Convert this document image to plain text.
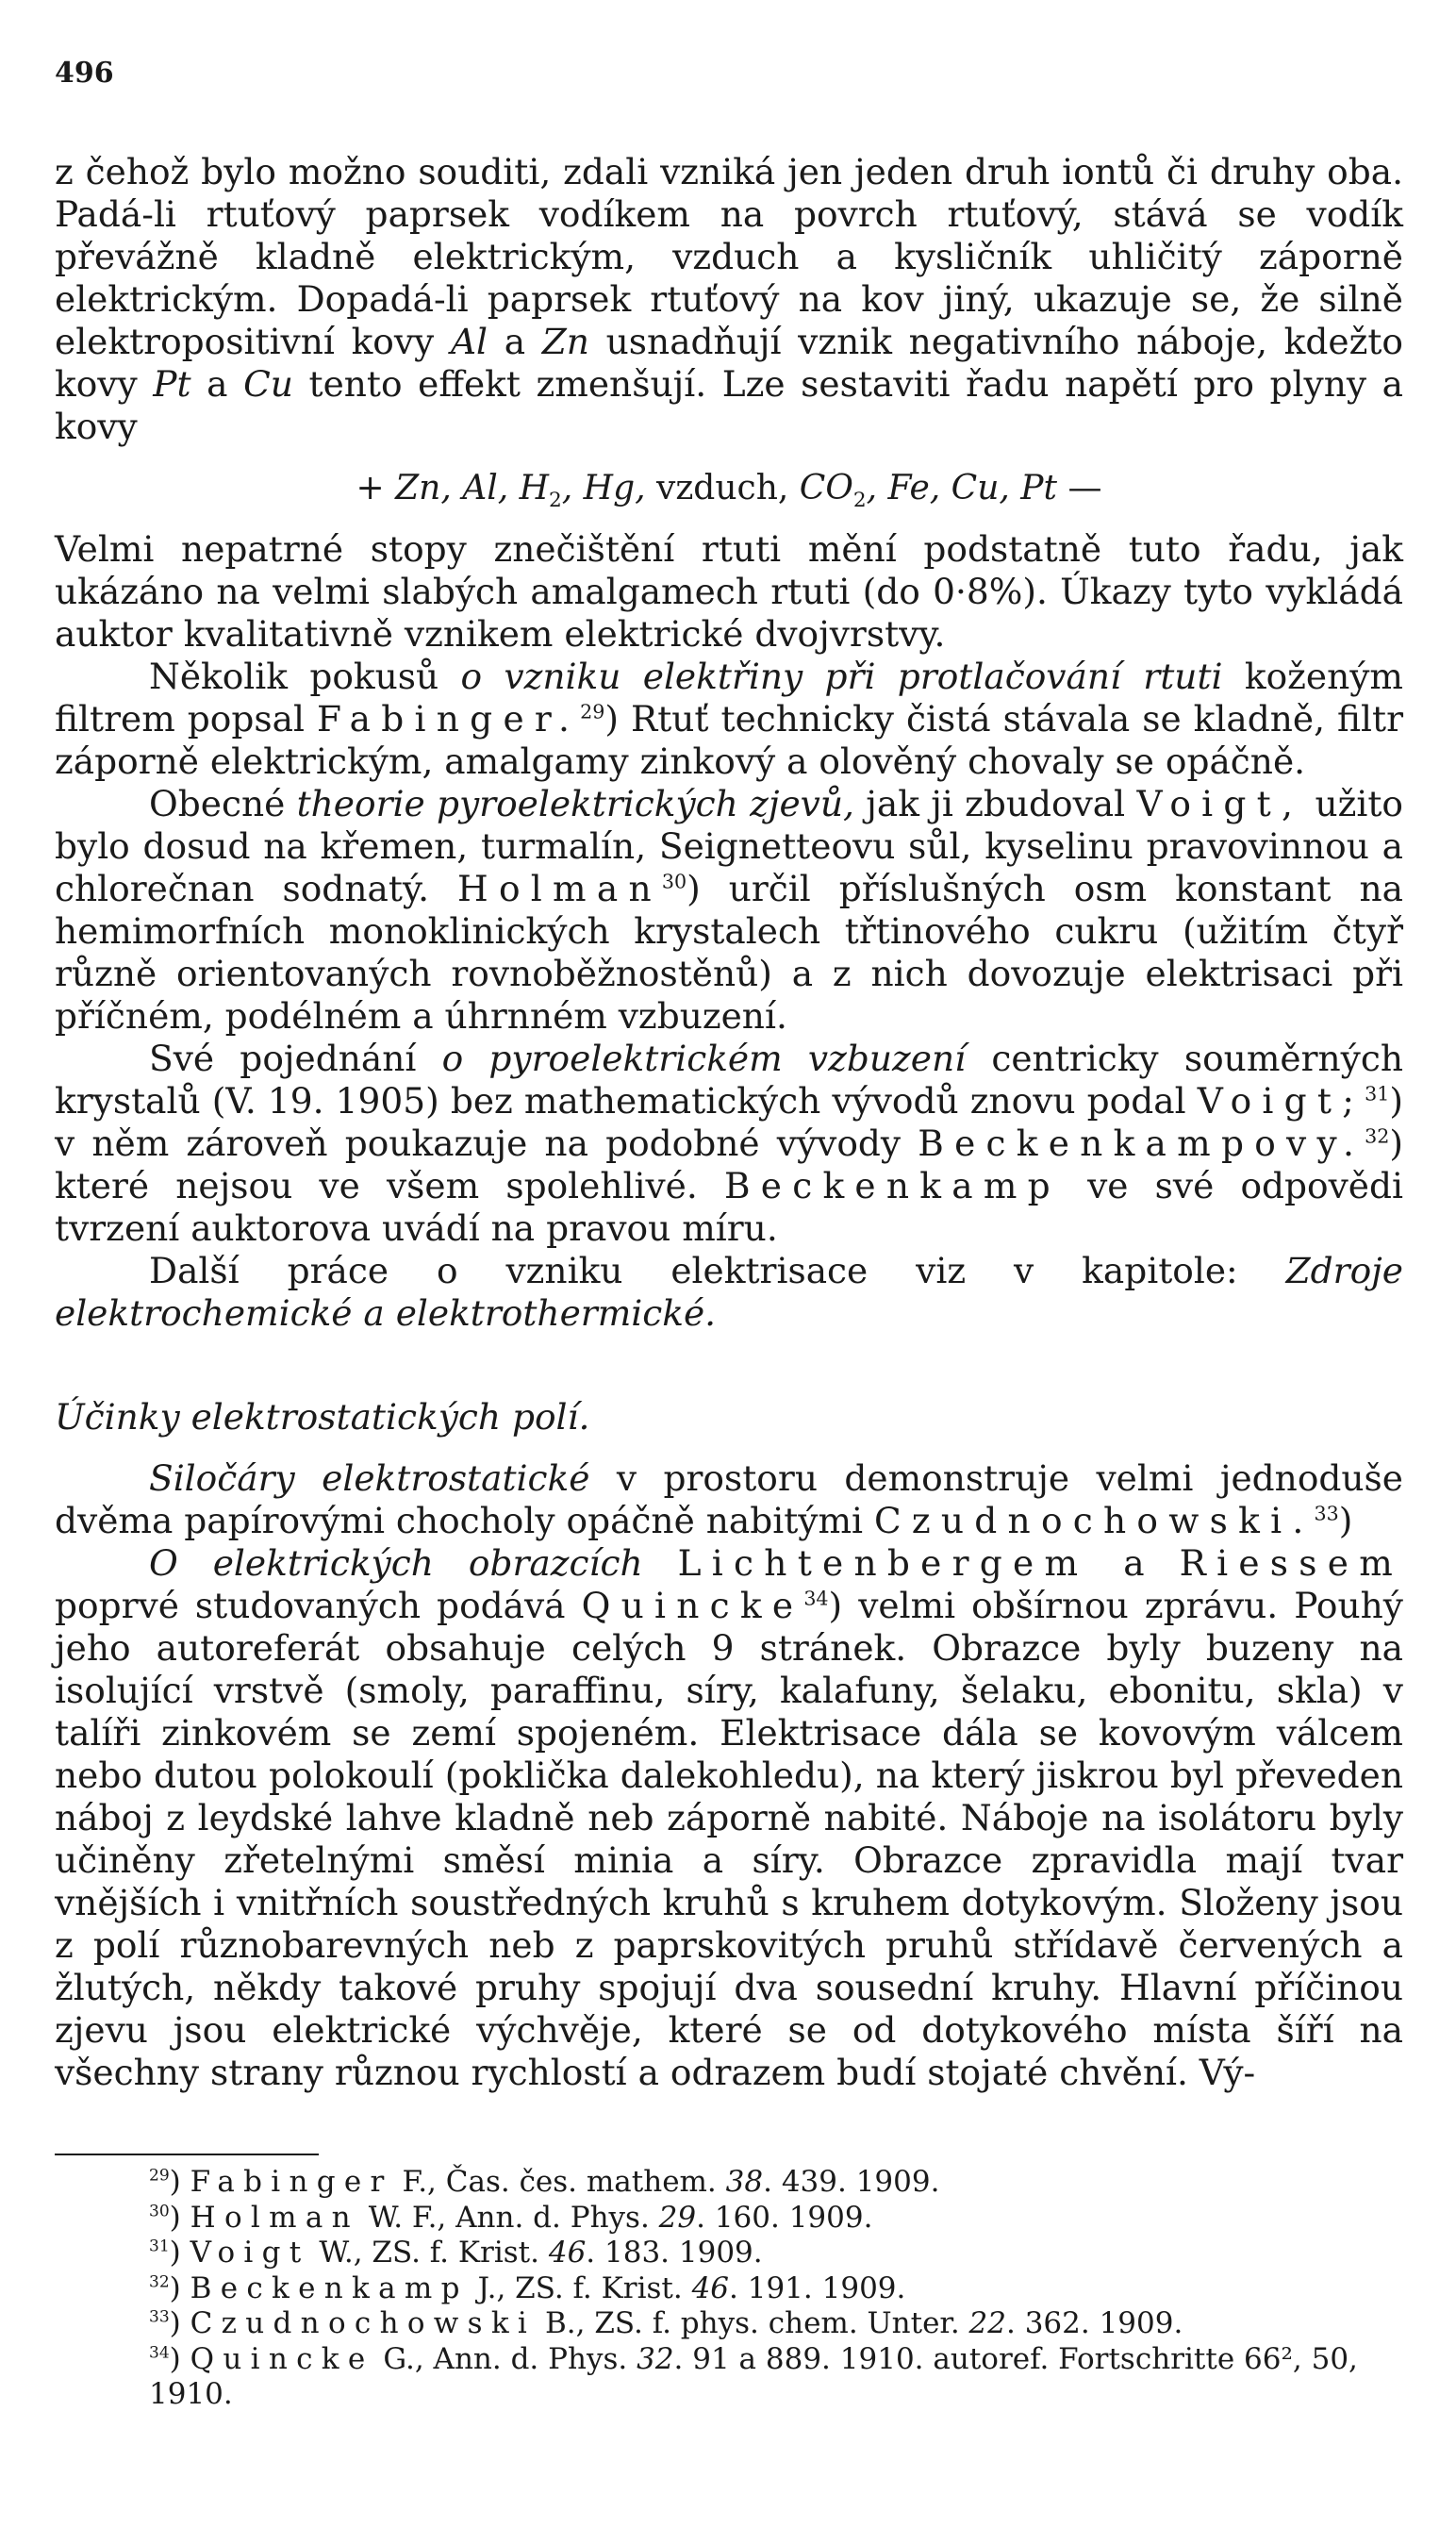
496

z čehož bylo možno souditi, zdali vzniká jen jeden druh iontů či druhy oba. Padá-li rtuťový paprsek vodíkem na povrch rtuťový, stává se vodík převážně kladně elektrickým, vzduch a kysličník uhličitý záporně elektrickým. Dopadá-li paprsek rtuťový na kov jiný, ukazuje se, že silně elektropositivní kovy Al a Zn usnadňují vznik negativního náboje, kdežto kovy Pt a Cu tento effekt zmenšují. Lze sestaviti řadu napětí pro plyny a kovy

+ Zn, Al, $H_2$, Hg, vzduch, $CO_2$, Fe, Cu, Pt —

Velmi nepatrné stopy znečištění rtuti mění podstatně tuto řadu, jak ukázáno na velmi slabých amalgamech rtuti (do 0·8%). Úkazy tyto vykládá auktor kvalitativně vznikem elektrické dvojvrstvy.

Několik pokusů o vzniku elektřiny při protlačování rtuti koženým filtrem popsal Fabinger.$^{29}$) Rtuť technicky čistá stávala se kladně, filtr záporně elektrickým, amalgamy zinkový a olověný chovaly se opáčně.

Obecné theorie pyroelektrických zjevů, jak ji zbudoval Voigt, užito bylo dosud na křemen, turmalín, Seignetteovu sůl, kyselinu pravovinnou a chlorečnan sodnatý. Holman$^{30}$) určil příslušných osm konstant na hemimorfních monoklinických krystalech třtinového cukru (užitím čtyř různě orientovaných rovnoběžnostěnů) a z nich dovozuje elektrisaci při příčném, podélném a úhrnném vzbuzení.

Své pojednání o pyroelektrickém vzbuzení centricky souměrných krystalů (V. 19. 1905) bez mathematických vývodů znovu podal Voigt;$^{31}$) v něm zároveň poukazuje na podobné vývody Beckenkampovy.$^{32}$) které nejsou ve všem spolehlivé. Beckenkamp ve své odpovědi tvrzení auktorova uvádí na pravou míru.

Další práce o vzniku elektrisace viz v kapitole: Zdroje elektrochemické a elektrothermické.

Účinky elektrostatických polí.

Siločáry elektrostatické v prostoru demonstruje velmi jednoduše dvěma papírovými chocholy opáčně nabitými Czudnochowski.$^{33}$)

O elektrických obrazcích Lichtenbergem a Riessem poprvé studovaných podává Quincke$^{34}$) velmi obšírnou zprávu. Pouhý jeho autoreferát obsahuje celých 9 stránek. Obrazce byly buzeny na isolující vrstvě (smoly, paraffinu, síry, kalafuny, šelaku, ebonitu, skla) v talíři zinkovém se zemí spojeném. Elektrisace dála se kovovým válcem nebo dutou polokoulí (poklička dalekohledu), na který jiskrou byl převeden náboj z leydské lahve kladně neb záporně nabité. Náboje na isolátoru byly učiněny zřetelnými směsí minia a síry. Obrazce zpravidla mají tvar vnějších i vnitřních soustředných kruhů s kruhem dotykovým. Složeny jsou z polí různobarevných neb z paprskovitých pruhů střídavě červených a žlutých, někdy takové pruhy spojují dva sousední kruhy. Hlavní příčinou zjevu jsou elektrické výchvěje, které se od dotykového místa šíří na všechny strany různou rychlostí a odrazem budí stojaté chvění. Vý-

$^{29}$) Fabinger F., Čas. čes. mathem. 38. 439. 1909.

$^{30}$) Holman W. F., Ann. d. Phys. 29. 160. 1909.

$^{31}$) Voigt W., ZS. f. Krist. 46. 183. 1909.

$^{32}$) Beckenkamp J., ZS. f. Krist. 46. 191. 1909.

$^{33}$) Czudnochowski B., ZS. f. phys. chem. Unter. 22. 362. 1909.

$^{34}$) Quincke G., Ann. d. Phys. 32. 91 a 889. 1910. autoref. Fortschritte 66², 50, 1910.
